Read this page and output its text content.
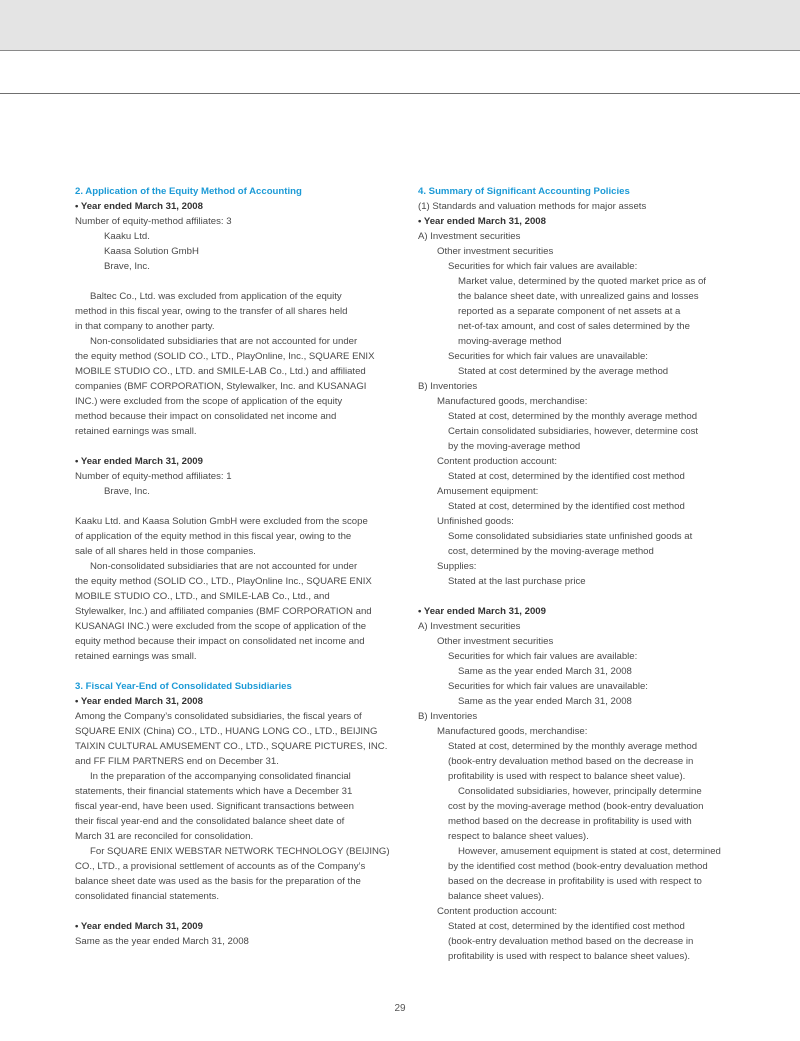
2. Application of the Equity Method of Accounting
• Year ended March 31, 2008
Number of equity-method affiliates: 3
Kaaku Ltd.
Kaasa Solution GmbH
Brave, Inc.
Baltec Co., Ltd. was excluded from application of the equity
method in this fiscal year, owing to the transfer of all shares held
in that company to another party.
Non-consolidated subsidiaries that are not accounted for under
the equity method (SOLID CO., LTD., PlayOnline, Inc., SQUARE ENIX
MOBILE STUDIO CO., LTD. and SMILE-LAB Co., Ltd.) and affiliated
companies (BMF CORPORATION, Stylewalker, Inc. and KUSANAGI
INC.) were excluded from the scope of application of the equity
method because their impact on consolidated net income and
retained earnings was small.
• Year ended March 31, 2009
Number of equity-method affiliates: 1
Brave, Inc.
Kaaku Ltd. and Kaasa Solution GmbH were excluded from the scope
of application of the equity method in this fiscal year, owing to the
sale of all shares held in those companies.
Non-consolidated subsidiaries that are not accounted for under
the equity method (SOLID CO., LTD., PlayOnline Inc., SQUARE ENIX
MOBILE STUDIO CO., LTD., and SMILE-LAB Co., Ltd., and
Stylewalker, Inc.) and affiliated companies (BMF CORPORATION and
KUSANAGI INC.) were excluded from the scope of application of the
equity method because their impact on consolidated net income and
retained earnings was small.
3. Fiscal Year-End of Consolidated Subsidiaries
• Year ended March 31, 2008
Among the Company’s consolidated subsidiaries, the fiscal years of
SQUARE ENIX (China) CO., LTD., HUANG LONG CO., LTD., BEIJING
TAIXIN CULTURAL AMUSEMENT CO., LTD., SQUARE PICTURES, INC.
and FF FILM PARTNERS end on December 31.
In the preparation of the accompanying consolidated financial
statements, their financial statements which have a December 31
fiscal year-end, have been used. Significant transactions between
their fiscal year-end and the consolidated balance sheet date of
March 31 are reconciled for consolidation.
For SQUARE ENIX WEBSTAR NETWORK TECHNOLOGY (BEIJING)
CO., LTD., a provisional settlement of accounts as of the Company’s
balance sheet date was used as the basis for the preparation of the
consolidated financial statements.
• Year ended March 31, 2009
Same as the year ended March 31, 2008
4. Summary of Significant Accounting Policies
(1) Standards and valuation methods for major assets
• Year ended March 31, 2008
A) Investment securities
Other investment securities
Securities for which fair values are available:
Market value, determined by the quoted market price as of
the balance sheet date, with unrealized gains and losses
reported as a separate component of net assets at a
net-of-tax amount, and cost of sales determined by the
moving-average method
Securities for which fair values are unavailable:
Stated at cost determined by the average method
B) Inventories
Manufactured goods, merchandise:
Stated at cost, determined by the monthly average method
Certain consolidated subsidiaries, however, determine cost
by the moving-average method
Content production account:
Stated at cost, determined by the identified cost method
Amusement equipment:
Stated at cost, determined by the identified cost method
Unfinished goods:
Some consolidated subsidiaries state unfinished goods at
cost, determined by the moving-average method
Supplies:
Stated at the last purchase price
• Year ended March 31, 2009
A) Investment securities
Other investment securities
Securities for which fair values are available:
Same as the year ended March 31, 2008
Securities for which fair values are unavailable:
Same as the year ended March 31, 2008
B) Inventories
Manufactured goods, merchandise:
Stated at cost, determined by the monthly average method
(book-entry devaluation method based on the decrease in
profitability is used with respect to balance sheet value).
Consolidated subsidiaries, however, principally determine
cost by the moving-average method (book-entry devaluation
method based on the decrease in profitability is used with
respect to balance sheet values).
However, amusement equipment is stated at cost, determined
by the identified cost method (book-entry devaluation method
based on the decrease in profitability is used with respect to
balance sheet values).
Content production account:
Stated at cost, determined by the identified cost method
(book-entry devaluation method based on the decrease in
profitability is used with respect to balance sheet values).
29
